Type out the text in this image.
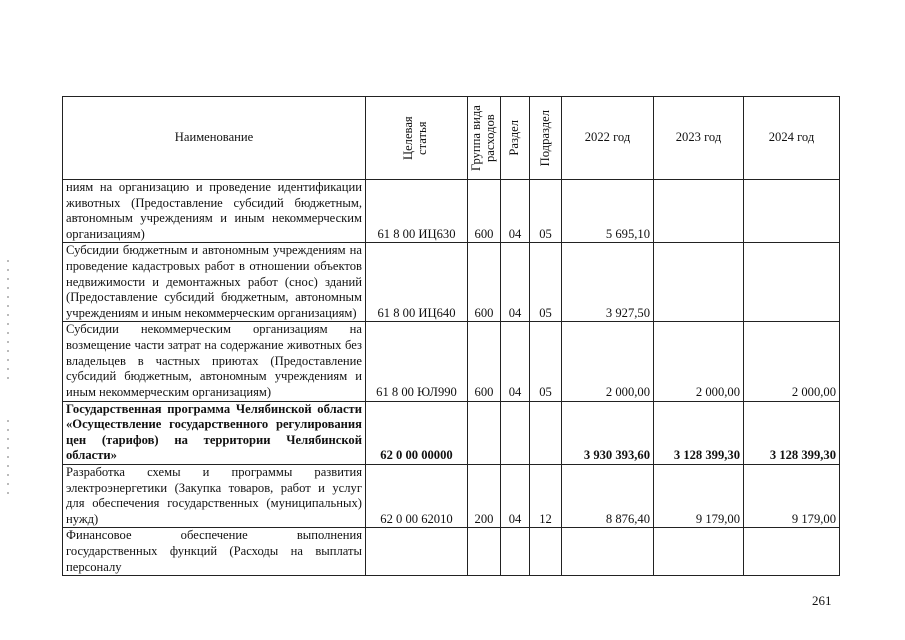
Наименование	Целевая статья	Группа вида расходов	Раздел	Подраздел	2022 год	2023 год	2024 год
ниям на организацию и проведение идентификации животных (Предоставление субсидий бюджетным, автономным учреждениям и иным некоммерческим организациям)	61 8 00 ИЦ630	600	04	05	5 695,10		
Субсидии бюджетным и автономным учреждениям на проведение кадастровых работ в отношении объектов недвижимости и демонтажных работ (снос) зданий (Предоставление субсидий бюджетным, автономным учреждениям и иным некоммерческим организациям)	61 8 00 ИЦ640	600	04	05	3 927,50		
Субсидии некоммерческим организациям на возмещение части затрат на содержание животных без владельцев в частных приютах (Предоставление субсидий бюджетным, автономным учреждениям и иным некоммерческим организациям)	61 8 00 ЮЛ990	600	04	05	2 000,00	2 000,00	2 000,00
Государственная программа Челябинской области «Осуществление государственного регулирования цен (тарифов) на территории Челябинской области»	62 0 00 00000				3 930 393,60	3 128 399,30	3 128 399,30
Разработка схемы и программы развития электроэнергетики (Закупка товаров, работ и услуг для обеспечения государственных (муниципальных) нужд)	62 0 00 62010	200	04	12	8 876,40	9 179,00	9 179,00
Финансовое обеспечение выполнения государственных функций (Расходы на выплаты персоналу							
261
